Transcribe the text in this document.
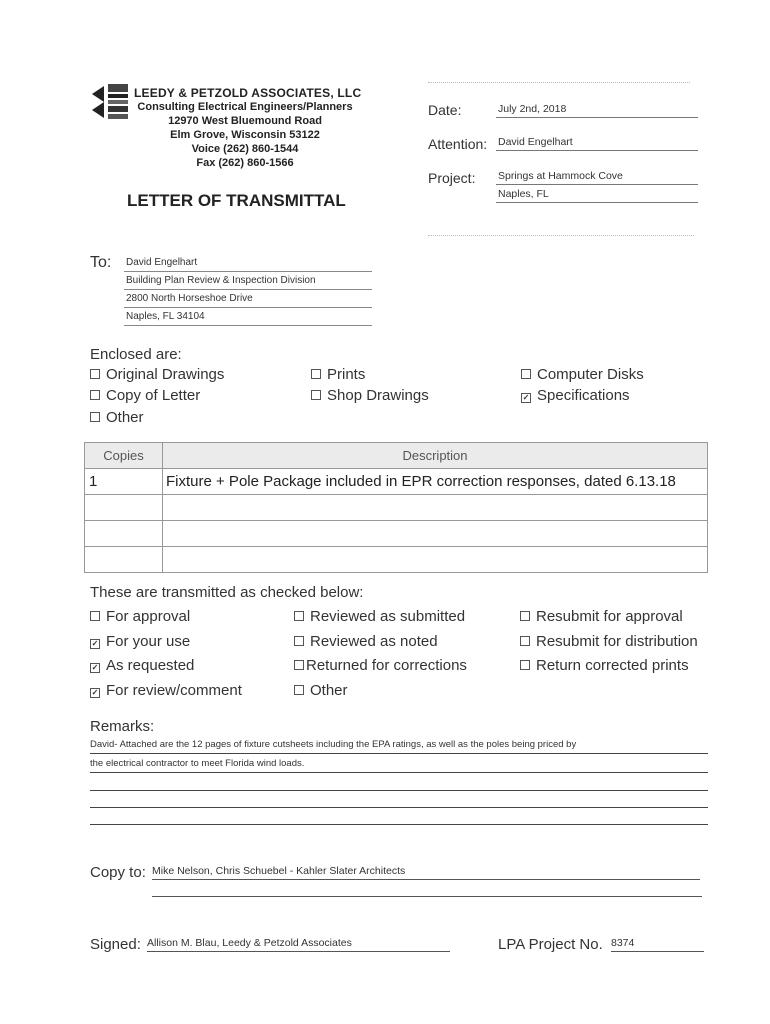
LEEDY & PETZOLD ASSOCIATES, LLC
Consulting Electrical Engineers/Planners
12970 West Bluemound Road
Elm Grove, Wisconsin 53122
Voice (262) 860-1544
Fax (262) 860-1566
LETTER OF TRANSMITTAL
Date:	July 2nd, 2018
Attention: David Engelhart
Project: Springs at Hammock Cove
Naples, FL
To: David Engelhart
Building Plan Review & Inspection Division
2800 North Horseshoe Drive
Naples, FL 34104
Enclosed are:
Original Drawings	Prints	Computer Disks
Copy of Letter	Shop Drawings	✓ Specifications
Other
Copies	Description
1	Fixture + Pole Package included in EPR correction responses, dated 6.13.18

These are transmitted as checked below:
For approval	Reviewed as submitted	Resubmit for approval
✓ For your use	Reviewed as noted	Resubmit for distribution
✓ As requested	Returned for corrections	Return corrected prints
✓ For review/comment	Other
Remarks:
David- Attached are the 12 pages of fixture cutsheets including the EPA ratings, as well as the poles being priced by
the electrical contractor to meet Florida wind loads.
Copy to: Mike Nelson, Chris Schuebel - Kahler Slater Architects
Signed: Allison M. Blau, Leedy & Petzold Associates	LPA Project No. 8374
